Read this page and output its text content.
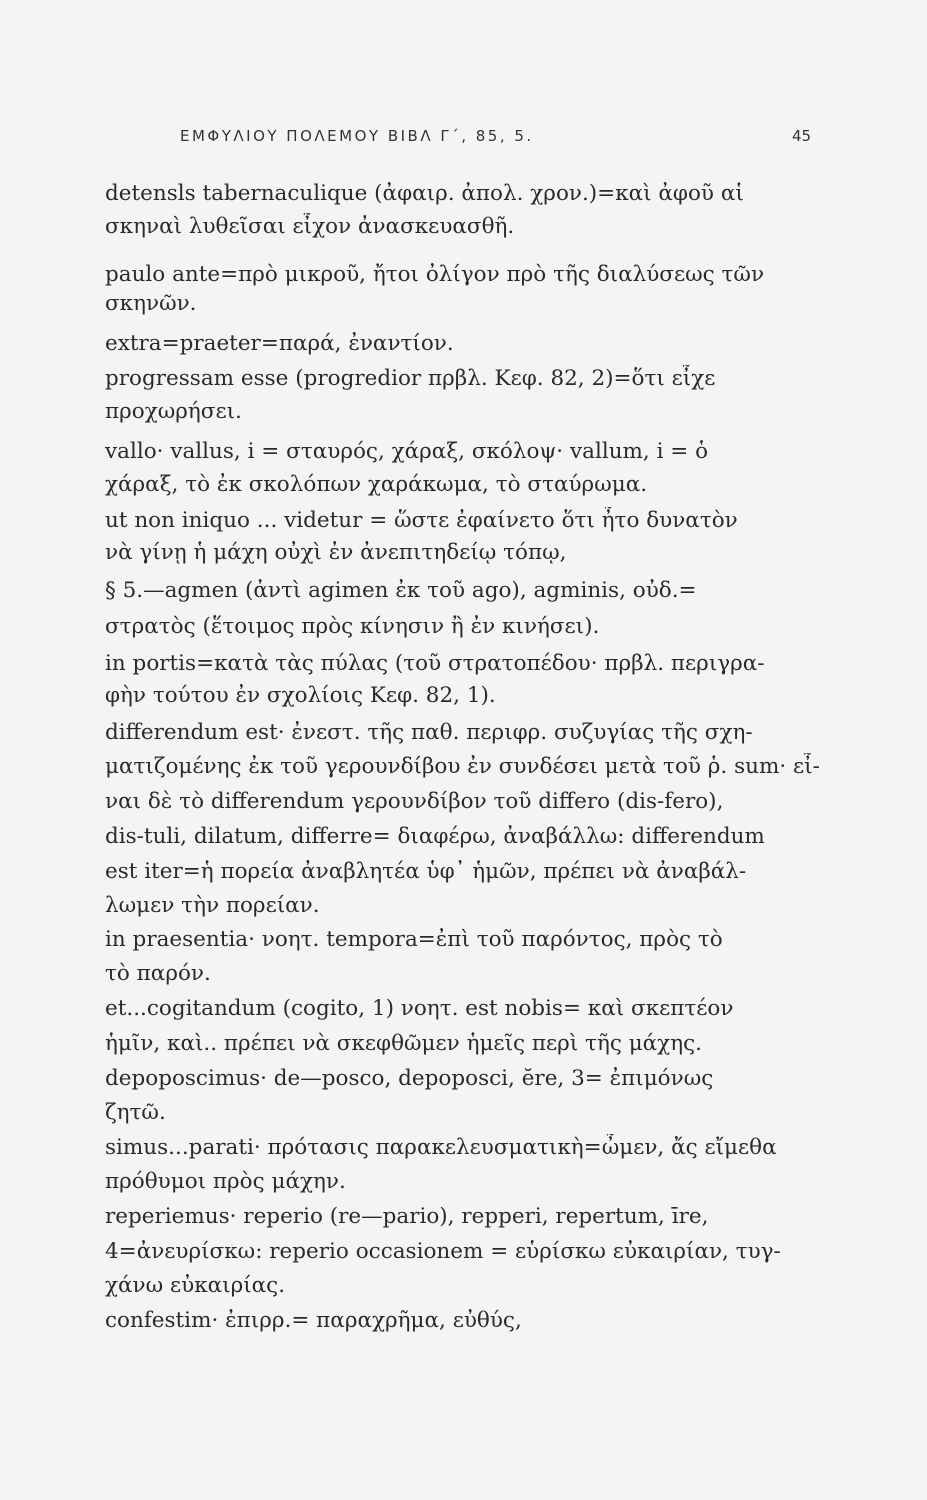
ΕΜΦΥΛΙΟΥ ΠΟΛΕΜΟΥ ΒΙΒΛ Γ΄, 85, 5.	45
detensls tabernaculique (ἀφαιρ. ἀπολ. χρον.)=καὶ ἀφοῦ αἱ
σκηναὶ λυθεῖσαι εἶχον ἀνασκευασθῆ.
paulo ante=πρὸ μικροῦ, ἤτοι ὀλίγον πρὸ τῆς διαλύσεως τῶν
σκηνῶν.
extra=praeter=παρά, ἐναντίον.
progressam esse (progredior πρβλ. Κεφ. 82, 2)=ὅτι εἶχε
προχωρήσει.
vallo· vallus, i = σταυρός, χάραξ, σκόλοψ· vallum, i = ὁ
χάραξ, τὸ ἐκ σκολόπων χαράκωμα, τὸ σταύρωμα.
ut non iniquo ... videtur = ὥστε ἐφαίνετο ὅτι ἦτο δυνατὸν
νὰ γίνῃ ἡ μάχη οὐχὶ ἐν ἀνεπιτηδείῳ τόπῳ,
§ 5.—agmen (ἀντὶ agimen ἐκ τοῦ ago), agminis, οὐδ.=
στρατὸς (ἕτοιμος πρὸς κίνησιν ἢ ἐν κινήσει).
in portis=κατὰ τὰς πύλας (τοῦ στρατοπέδου· πρβλ. περιγρα-
φὴν τούτου ἐν σχολίοις Κεφ. 82, 1).
differendum est· ἐνεστ. τῆς παθ. περιφρ. συζυγίας τῆς σχη-
ματιζομένης ἐκ τοῦ γερουνδίβου ἐν συνδέσει μετὰ τοῦ ῥ. sum· εἶ-
ναι δὲ τὸ differendum γερουνδίβον τοῦ differo (dis-fero),
dis-tuli, dilatum, differre= διαφέρω, ἀναβάλλω: differendum
est iter=ἡ πορεία ἀναβλητέα ὑφ᾽ ἡμῶν, πρέπει νὰ ἀναβάλ-
λωμεν τὴν πορείαν.
in praesentia· νοητ. tempora=ἐπὶ τοῦ παρόντος, πρὸς τὸ
τὸ παρόν.
et...cogitandum (cogito, 1) νοητ. est nobis= καὶ σκεπτέον
ἡμῖν, καὶ.. πρέπει νὰ σκεφθῶμεν ἡμεῖς περὶ τῆς μάχης.
depoposcimus· de—posco, depoposci, ĕre, 3= ἐπιμόνως
ζητῶ.
simus...parati· πρότασις παρακελευσματικὴ=ὦμεν, ἄς εἴμεθα
πρόθυμοι πρὸς μάχην.
reperiemus· reperio (re—pario), repperi, repertum, īre,
4=ἀνευρίσκω: reperio occasionem = εὑρίσκω εὐκαιρίαν, τυγ-
χάνω εὐκαιρίας.
confestim· ἐπιρρ.= παραχρῆμα, εὐθύς,
